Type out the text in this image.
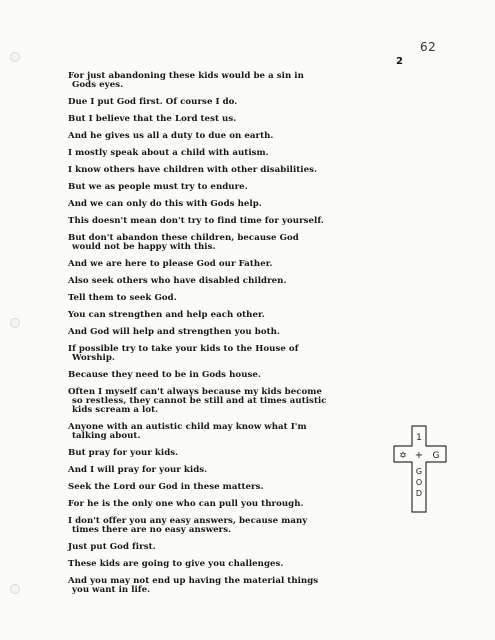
62
2
For just abandoning these kids would be a sin in
Gods eyes.
Due I put God first. Of course I do.
But I believe that the Lord test us.
And he gives us all a duty to due on earth.
I mostly speak about a child with autism.
I know others have children with other disabilities.
But we as people must try to endure.
And we can only do this with Gods help.
This doesn't mean don't try to find time for yourself.
But don't abandon these children, because God
would not be happy with this.
And we are here to please God our Father.
Also seek others who have disabled children.
Tell them to seek God.
You can strengthen and help each other.
And God will help and strengthen you both.
If possible try to take your kids to the House of
Worship.
Because they need to be in Gods house.
Often I myself can't always because my kids become
so restless, they cannot be still and at times autistic
kids scream a lot.
Anyone with an autistic child may know what I'm
talking about.
But pray for your kids.
And I will pray for your kids.
Seek the Lord our God in these matters.
For he is the only one who can pull you through.
I don't offer you any easy answers, because many
times there are no easy answers.
Just put God first.
These kids are going to give you challenges.
And you may not end up having the material things
you want in life.
1
✡ + G
G
O
D
